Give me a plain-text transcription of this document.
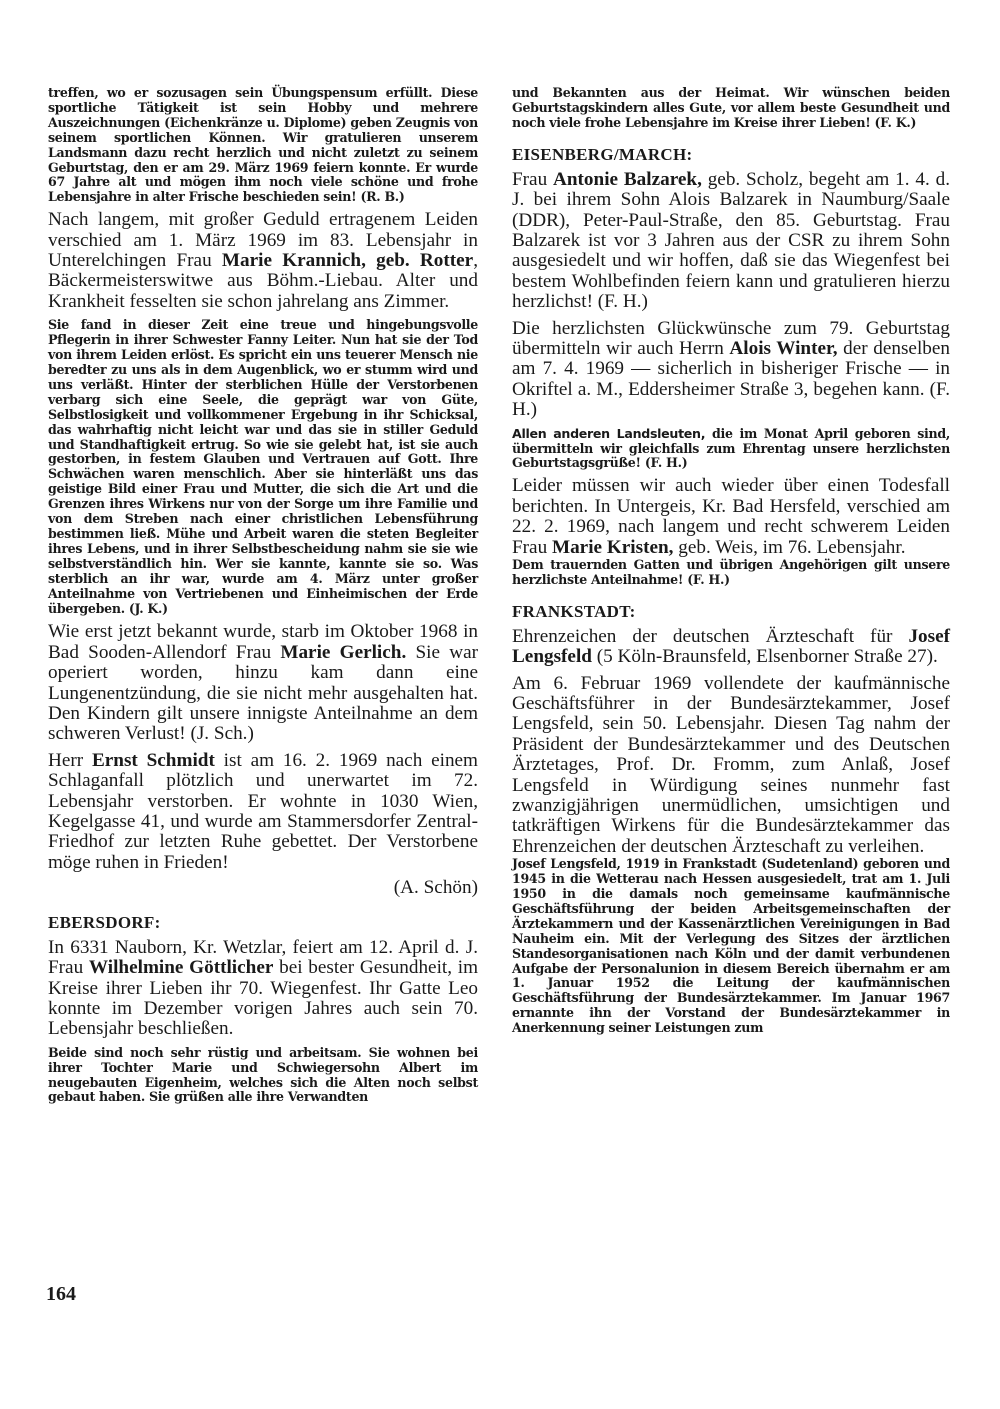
treffen, wo er sozusagen sein Übungspensum erfüllt. Diese sportliche Tätigkeit ist sein Hobby und mehrere Auszeichnungen (Eichenkränze u. Diplome) geben Zeugnis von seinem sportlichen Können. Wir gratulieren unserem Landsmann dazu recht herzlich und nicht zuletzt zu seinem Geburtstag, den er am 29. März 1969 feiern konnte. Er wurde 67 Jahre alt und mögen ihm noch viele schöne und frohe Lebensjahre in alter Frische beschieden sein! (R. B.)

Nach langem, mit großer Geduld ertragenem Leiden verschied am 1. März 1969 im 83. Lebensjahr in Unterelchingen Frau Marie Krannich, geb. Rotter, Bäckermeisterswitwe aus Böhm.-Liebau. Alter und Krankheit fesselten sie schon jahrelang ans Zimmer.

Sie fand in dieser Zeit eine treue und hingebungsvolle Pflegerin in ihrer Schwester Fanny Leiter. Nun hat sie der Tod von ihrem Leiden erlöst. Es spricht ein uns teuerer Mensch nie beredter zu uns als in dem Augenblick, wo er stumm wird und uns verläßt. Hinter der sterblichen Hülle der Verstorbenen verbarg sich eine Seele, die geprägt war von Güte, Selbstlosigkeit und vollkommener Ergebung in ihr Schicksal, das wahrhaftig nicht leicht war und das sie in stiller Geduld und Standhaftigkeit ertrug. So wie sie gelebt hat, ist sie auch gestorben, in festem Glauben und Vertrauen auf Gott. Ihre Schwächen waren menschlich. Aber sie hinterläßt uns das geistige Bild einer Frau und Mutter, die sich die Art und die Grenzen ihres Wirkens nur von der Sorge um ihre Familie und von dem Streben nach einer christlichen Lebensführung bestimmen ließ. Mühe und Arbeit waren die steten Begleiter ihres Lebens, und in ihrer Selbstbescheidung nahm sie sie wie selbstverständlich hin. Wer sie kannte, kannte sie so. Was sterblich an ihr war, wurde am 4. März unter großer Anteilnahme von Vertriebenen und Einheimischen der Erde übergeben. (J. K.)

Wie erst jetzt bekannt wurde, starb im Oktober 1968 in Bad Sooden-Allendorf Frau Marie Gerlich. Sie war operiert worden, hinzu kam dann eine Lungenentzündung, die sie nicht mehr ausgehalten hat. Den Kindern gilt unsere innigste Anteilnahme an dem schweren Verlust! (J. Sch.)

Herr Ernst Schmidt ist am 16. 2. 1969 nach einem Schlaganfall plötzlich und unerwartet im 72. Lebensjahr verstorben. Er wohnte in 1030 Wien, Kegelgasse 41, und wurde am Stammersdorfer Zentral-Friedhof zur letzten Ruhe gebettet. Der Verstorbene möge ruhen in Frieden!

(A. Schön)

EBERSDORF:

In 6331 Nauborn, Kr. Wetzlar, feiert am 12. April d. J. Frau Wilhelmine Göttlicher bei bester Gesundheit, im Kreise ihrer Lieben ihr 70. Wiegenfest. Ihr Gatte Leo konnte im Dezember vorigen Jahres auch sein 70. Lebensjahr beschließen.

Beide sind noch sehr rüstig und arbeitsam. Sie wohnen bei ihrer Tochter Marie und Schwiegersohn Albert im neugebauten Eigenheim, welches sich die Alten noch selbst gebaut haben. Sie grüßen alle ihre Verwandten

und Bekannten aus der Heimat. Wir wünschen beiden Geburtstagskindern alles Gute, vor allem beste Gesundheit und noch viele frohe Lebensjahre im Kreise ihrer Lieben! (F. K.)

EISENBERG/MARCH:

Frau Antonie Balzarek, geb. Scholz, begeht am 1. 4. d. J. bei ihrem Sohn Alois Balzarek in Naumburg/Saale (DDR), Peter-Paul-Straße, den 85. Geburtstag. Frau Balzarek ist vor 3 Jahren aus der CSR zu ihrem Sohn ausgesiedelt und wir hoffen, daß sie das Wiegenfest bei bestem Wohlbefinden feiern kann und gratulieren hierzu herzlichst! (F. H.)

Die herzlichsten Glückwünsche zum 79. Geburtstag übermitteln wir auch Herrn Alois Winter, der denselben am 7. 4. 1969 — sicherlich in bisheriger Frische — in Okriftel a. M., Eddersheimer Straße 3, begehen kann. (F. H.)

Allen anderen Landsleuten, die im Monat April geboren sind, übermitteln wir gleichfalls zum Ehrentag unsere herzlichsten Geburtstagsgrüße! (F. H.)

Leider müssen wir auch wieder über einen Todesfall berichten. In Untergeis, Kr. Bad Hersfeld, verschied am 22. 2. 1969, nach langem und recht schwerem Leiden Frau Marie Kristen, geb. Weis, im 76. Lebensjahr.

Dem trauernden Gatten und übrigen Angehörigen gilt unsere herzlichste Anteilnahme! (F. H.)

FRANKSTADT:

Ehrenzeichen der deutschen Ärzteschaft für Josef Lengsfeld (5 Köln-Braunsfeld, Elsenborner Straße 27).

Am 6. Februar 1969 vollendete der kaufmännische Geschäftsführer in der Bundesärztekammer, Josef Lengsfeld, sein 50. Lebensjahr. Diesen Tag nahm der Präsident der Bundesärztekammer und des Deutschen Ärztetages, Prof. Dr. Fromm, zum Anlaß, Josef Lengsfeld in Würdigung seines nunmehr fast zwanzigjährigen unermüdlichen, umsichtigen und tatkräftigen Wirkens für die Bundesärztekammer das Ehrenzeichen der deutschen Ärzteschaft zu verleihen.

Josef Lengsfeld, 1919 in Frankstadt (Sudetenland) geboren und 1945 in die Wetterau nach Hessen ausgesiedelt, trat am 1. Juli 1950 in die damals noch gemeinsame kaufmännische Geschäftsführung der beiden Arbeitsgemeinschaften der Ärztekammern und der Kassenärztlichen Vereinigungen in Bad Nauheim ein. Mit der Verlegung des Sitzes der ärztlichen Standesorganisationen nach Köln und der damit verbundenen Aufgabe der Personalunion in diesem Bereich übernahm er am 1. Januar 1952 die Leitung der kaufmännischen Geschäftsführung der Bundesärztekammer. Im Januar 1967 ernannte ihn der Vorstand der Bundesärztekammer in Anerkennung seiner Leistungen zum

164
